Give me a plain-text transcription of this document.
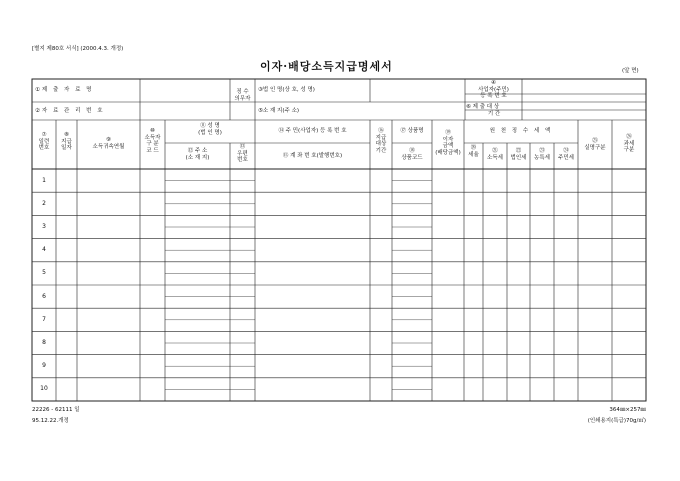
[별지 제80호 서식] (2000.4.3. 개정)
이자·배당소득지급명세서	(앞 면)
①제 출 자 료 명
②자 료 관 리 번 호
징 수
의무자
③법 인 명(상 호, 성 명)
⑤소 재 지(주 소)
④
사업자(주민)
등 록 번 호
⑥ 제 출 대 상
기 간
⑦
일련
번호
⑧
지급
일자
⑨
소득귀속연월
⑩
소득자
구 분
코 드
⑪ 성 명
(법 인 명)
⑫ 주 소
(소 재 지)
⑬
우편
번호
⑭ 주 민(사업자) 등 록 번 호
⑮ 계 좌 번 호(발행번호)
⑯
지급
대상
기간
⑰ 상품명
⑱
상품코드
⑲
이자
금액
(배당금액)
원 천 징 수 세 액
⑳
세율
㉑
소득세
㉒
법인세
㉓
농특세
㉔
주민세
㉕
실명구분
㉖
과세
구분
1
2
3
4
5
6
7
8
9
10
22226 - 62111 일
95.12.22.개정
364㎜×257㎜
(인쇄용지(특급)70g/㎡)
